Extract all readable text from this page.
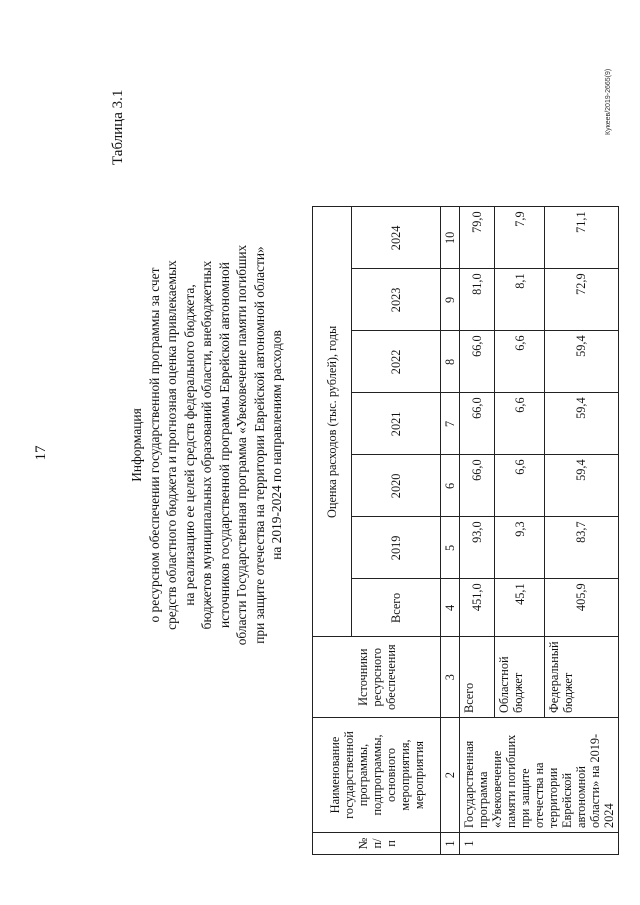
17
Таблица 3.1
Информация о ресурсном обеспечении государственной программы за счет средств областного бюджета и прогнозная оценка привлекаемых на реализацию ее целей средств федерального бюджета, бюджетов муниципальных образований области, внебюджетных источников государственной программы Еврейской автономной области Государственная программа «Увековечение памяти погибших при защите отечества на территории Еврейской автономной области» на 2019-2024 по направлениям расходов
№ п/п	Наименование государственной программы, подпрограммы, основного мероприятия, мероприятия	Источники ресурсного обеспечения	Оценка расходов (тыс. рублей), годы						
			Всего	2019	2020	2021	2022	2023	2024
1	2	3	4	5	6	7	8	9	10
1	Государственная программа «Увековечение памяти погибших при защите отечества на территории Еврейской автономной области» на 2019-2024	Всего	451,0	93,0	66,0	66,0	66,0	81,0	79,0
		Областной бюджет	45,1	9,3	6,6	6,6	6,6	8,1	7,9
		Федеральный бюджет	405,9	83,7	59,4	59,4	59,4	72,9	71,1
Кукеев/2019-2665(9)
